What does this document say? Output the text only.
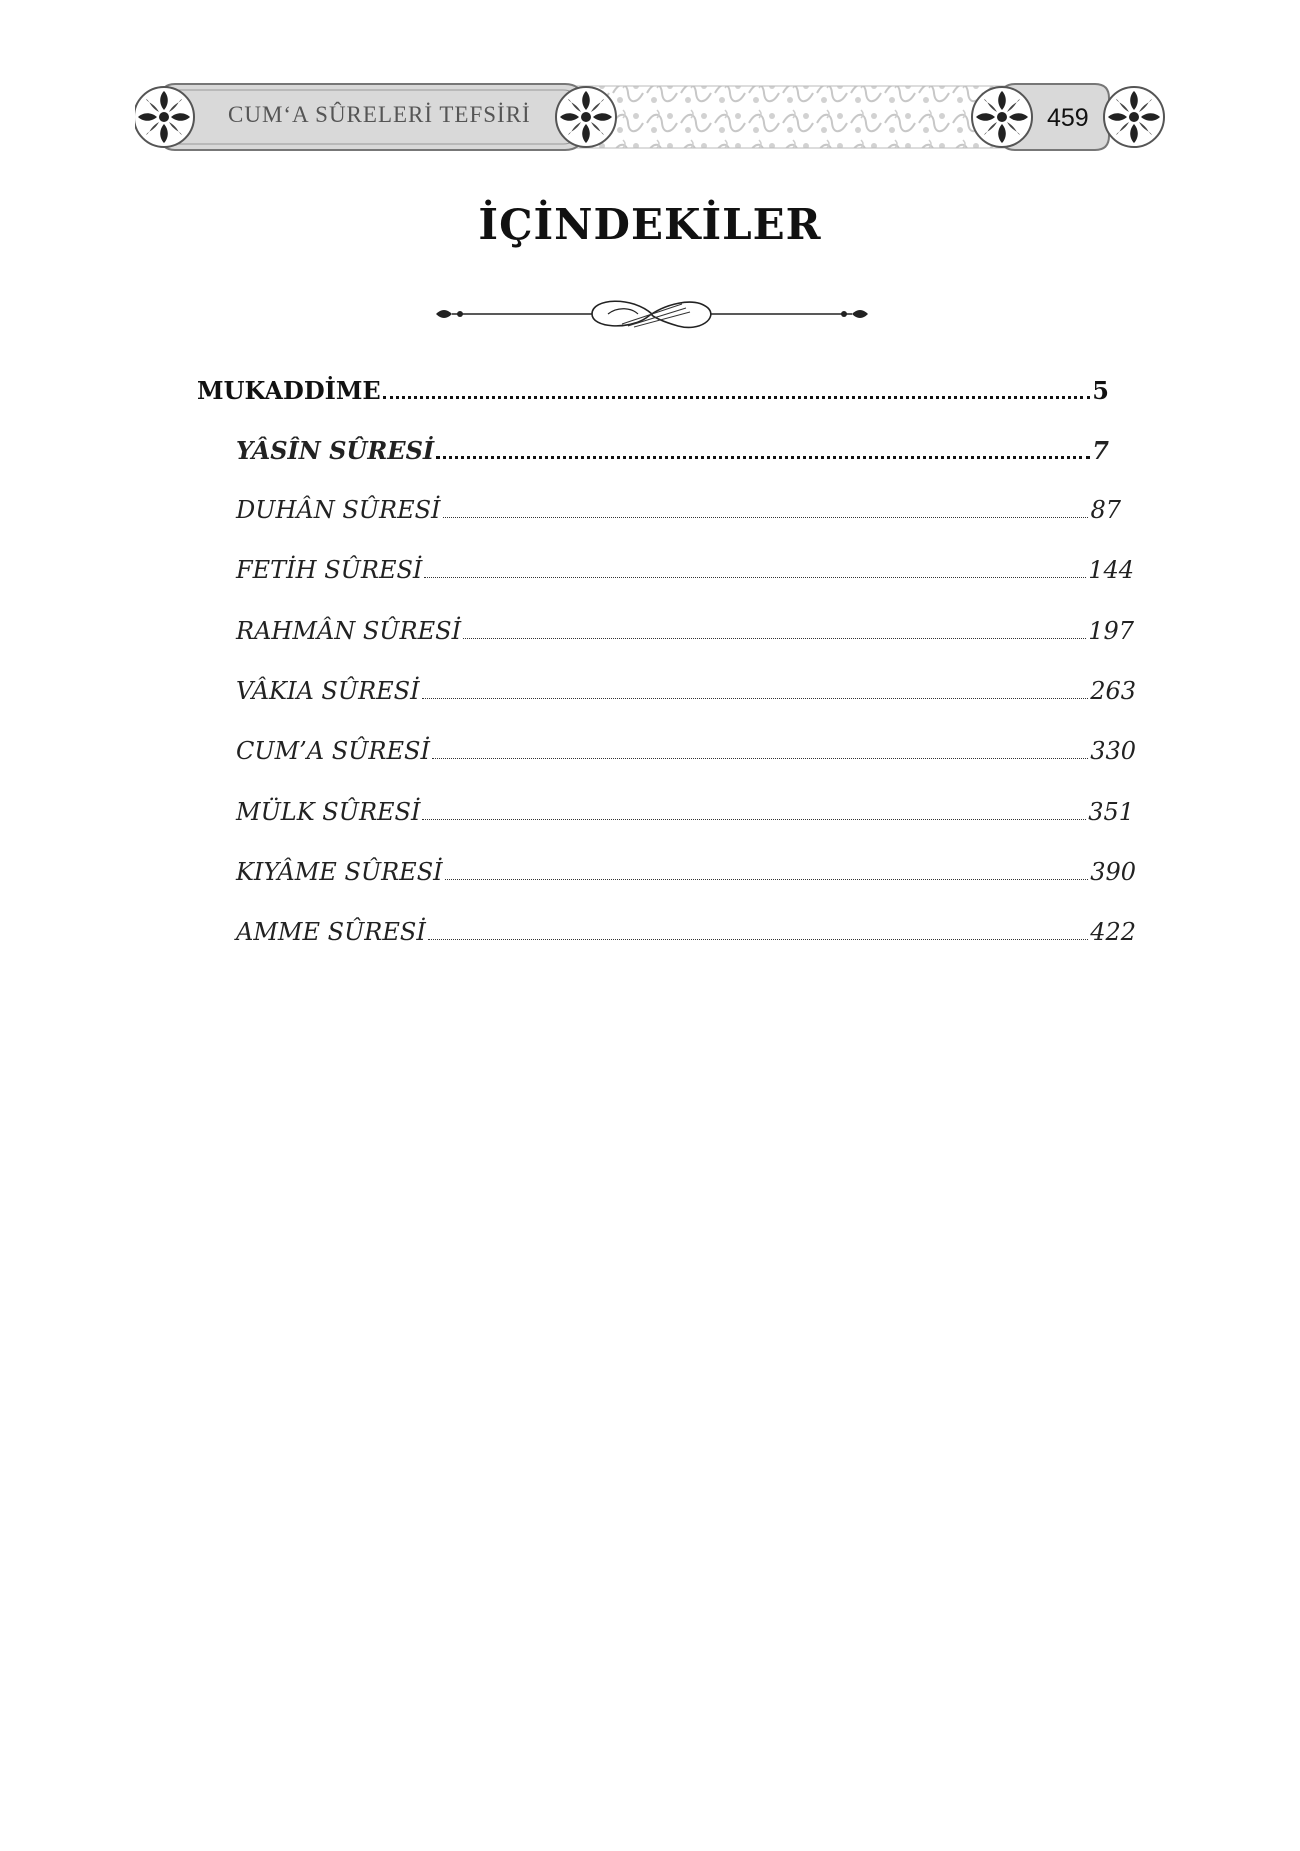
CUM‘A SÛRELERİ TEFSİRİ	459
İÇİNDEKİLER
MUKADDİME	5
YÂSÎN SÛRESİ	7
DUHÂN SÛRESİ	87
FETİH SÛRESİ	144
RAHMÂN SÛRESİ	197
VÂKIA SÛRESİ	263
CUM’A SÛRESİ	330
MÜLK SÛRESİ	351
KIYÂME SÛRESİ	390
AMME SÛRESİ	422
